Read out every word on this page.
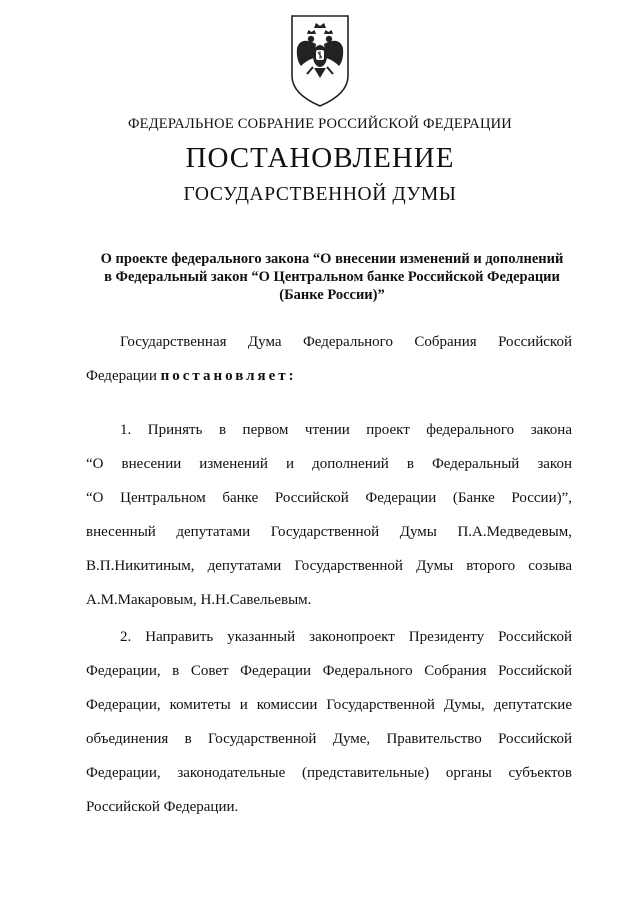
ФЕДЕРАЛЬНОЕ СОБРАНИЕ РОССИЙСКОЙ ФЕДЕРАЦИИ
ПОСТАНОВЛЕНИЕ
ГОСУДАРСТВЕННОЙ ДУМЫ
О проекте федерального закона “О внесении изменений и дополнений
в Федеральный закон “О Центральном банке Российской Федерации
(Банке России)”
Государственная Дума Федерального Собрания Российской
Федерации постановляет:
1. Принять в первом чтении проект федерального закона
“О внесении изменений и дополнений в Федеральный закон
“О Центральном банке Российской Федерации (Банке России)”,
внесенный депутатами Государственной Думы П.А.Медведевым,
В.П.Никитиным, депутатами Государственной Думы второго созыва
А.М.Макаровым, Н.Н.Савельевым.
2. Направить указанный законопроект Президенту Российской
Федерации, в Совет Федерации Федерального Собрания Российской
Федерации, комитеты и комиссии Государственной Думы, депутатские
объединения в Государственной Думе, Правительство Российской
Федерации, законодательные (представительные) органы субъектов
Российской Федерации.
